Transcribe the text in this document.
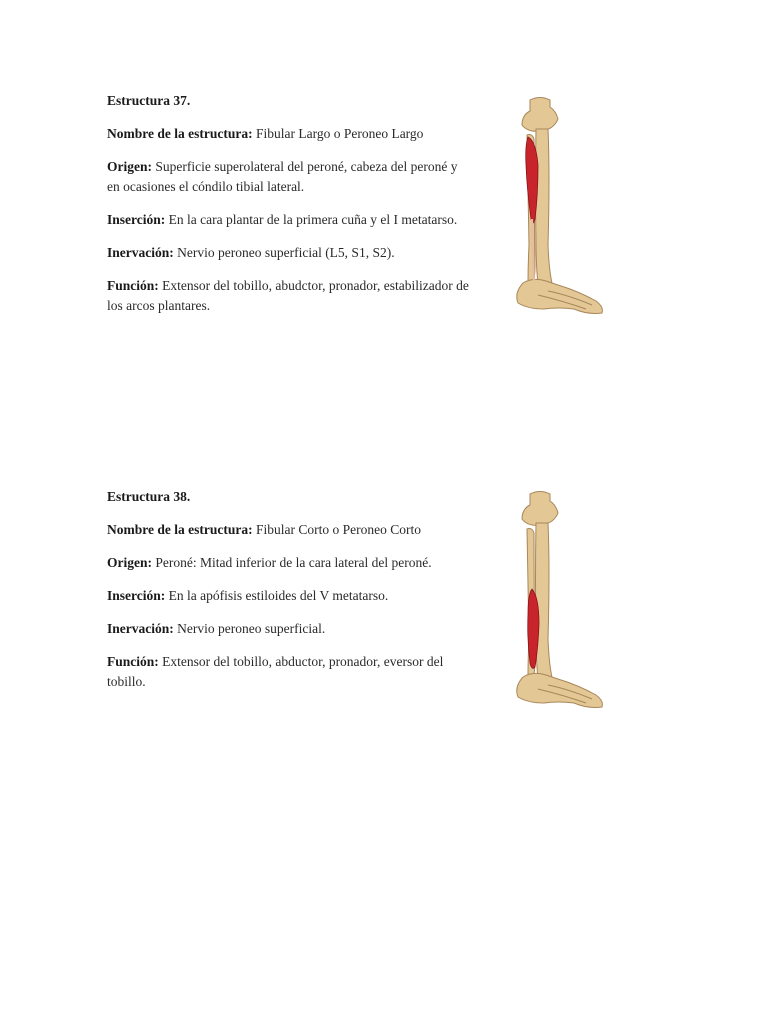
Estructura 37.

Nombre de la estructura: Fibular Largo o Peroneo Largo

Origen: Superficie superolateral del peroné, cabeza del peroné y en ocasiones el cóndilo tibial lateral.

Inserción: En la cara plantar de la primera cuña y el I metatarso.

Inervación: Nervio peroneo superficial (L5, S1, S2).

Función: Extensor del tobillo, abudctor, pronador, estabilizador de los arcos plantares.

Estructura 38.

Nombre de la estructura: Fibular Corto o Peroneo Corto

Origen: Peroné: Mitad inferior de la cara lateral del peroné.

Inserción: En la apófisis estiloides del V metatarso.

Inervación: Nervio peroneo superficial.

Función: Extensor del tobillo, abductor, pronador, eversor del tobillo.
